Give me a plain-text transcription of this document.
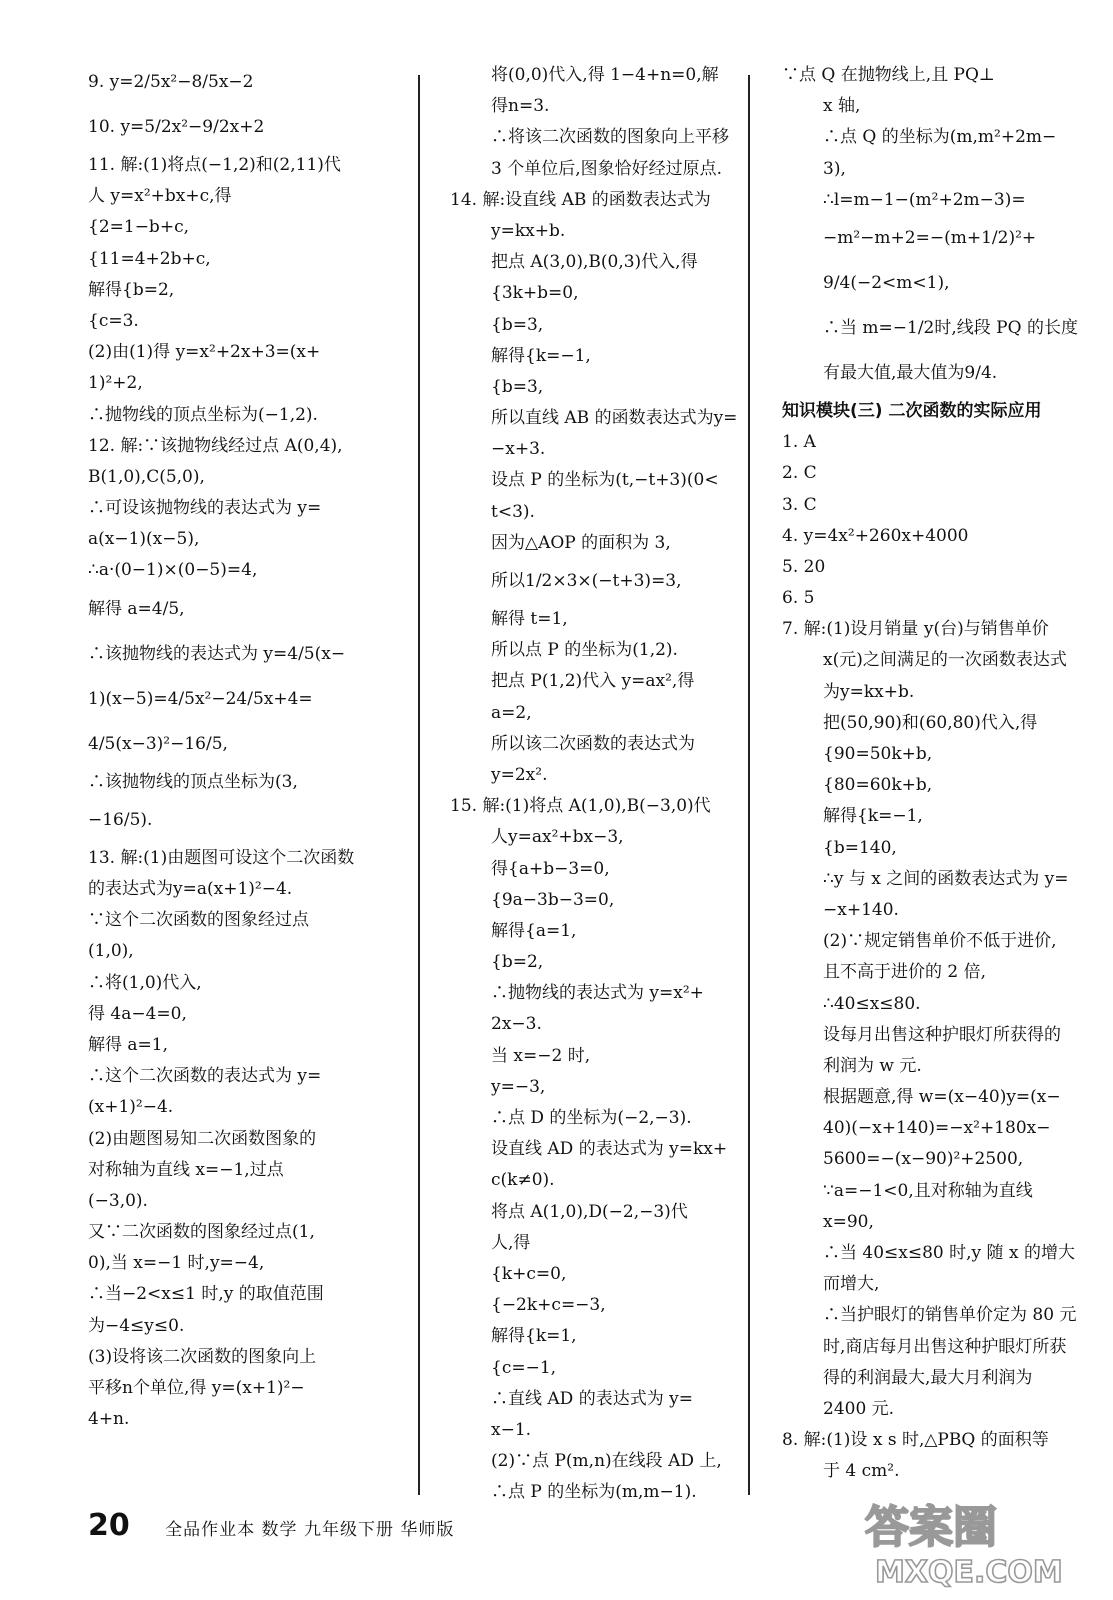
9. y=2/5x²−8/5x−2
10. y=5/2x²−9/2x+2
11. 解:(1)将点(−1,2)和(2,11)代
人 y=x²+bx+c,得
{2=1−b+c,
{11=4+2b+c,
解得{b=2,
{c=3.
(2)由(1)得 y=x²+2x+3=(x+
1)²+2,
∴抛物线的顶点坐标为(−1,2).
12. 解:∵该抛物线经过点 A(0,4),
B(1,0),C(5,0),
∴可设该抛物线的表达式为 y=
a(x−1)(x−5),
∴a·(0−1)×(0−5)=4,
解得 a=4/5,
∴该抛物线的表达式为 y=4/5(x−
1)(x−5)=4/5x²−24/5x+4=
4/5(x−3)²−16/5,
∴该抛物线的顶点坐标为(3,
−16/5).
13. 解:(1)由题图可设这个二次函数
的表达式为y=a(x+1)²−4.
∵这个二次函数的图象经过点
(1,0),
∴将(1,0)代入,
得 4a−4=0,
解得 a=1,
∴这个二次函数的表达式为 y=
(x+1)²−4.
(2)由题图易知二次函数图象的
对称轴为直线 x=−1,过点
(−3,0).
又∵二次函数的图象经过点(1,
0),当 x=−1 时,y=−4,
∴当−2<x≤1 时,y 的取值范围
为−4≤y≤0.
(3)设将该二次函数的图象向上
平移n个单位,得 y=(x+1)²−
4+n.
将(0,0)代入,得 1−4+n=0,解
得n=3.
∴将该二次函数的图象向上平移
3 个单位后,图象恰好经过原点.
14. 解:设直线 AB 的函数表达式为
y=kx+b.
把点 A(3,0),B(0,3)代入,得
{3k+b=0,
{b=3,
解得{k=−1,
{b=3,
所以直线 AB 的函数表达式为y=
−x+3.
设点 P 的坐标为(t,−t+3)(0<
t<3).
因为△AOP 的面积为 3,
所以1/2×3×(−t+3)=3,
解得 t=1,
所以点 P 的坐标为(1,2).
把点 P(1,2)代入 y=ax²,得
a=2,
所以该二次函数的表达式为
y=2x².
15. 解:(1)将点 A(1,0),B(−3,0)代
人y=ax²+bx−3,
得{a+b−3=0,
{9a−3b−3=0,
解得{a=1,
{b=2,
∴抛物线的表达式为 y=x²+
2x−3.
当 x=−2 时,
y=−3,
∴点 D 的坐标为(−2,−3).
设直线 AD 的表达式为 y=kx+
c(k≠0).
将点 A(1,0),D(−2,−3)代
人,得
{k+c=0,
{−2k+c=−3,
解得{k=1,
{c=−1,
∴直线 AD 的表达式为 y=
x−1.
(2)∵点 P(m,n)在线段 AD 上,
∴点 P 的坐标为(m,m−1).
∵点 Q 在抛物线上,且 PQ⊥
x 轴,
∴点 Q 的坐标为(m,m²+2m−
3),
∴l=m−1−(m²+2m−3)=
−m²−m+2=−(m+1/2)²+
9/4(−2<m<1),
∴当 m=−1/2时,线段 PQ 的长度
有最大值,最大值为9/4.
知识模块(三) 二次函数的实际应用
1. A
2. C
3. C
4. y=4x²+260x+4000
5. 20
6. 5
7. 解:(1)设月销量 y(台)与销售单价
x(元)之间满足的一次函数表达式
为y=kx+b.
把(50,90)和(60,80)代入,得
{90=50k+b,
{80=60k+b,
解得{k=−1,
{b=140,
∴y 与 x 之间的函数表达式为 y=
−x+140.
(2)∵规定销售单价不低于进价,
且不高于进价的 2 倍,
∴40≤x≤80.
设每月出售这种护眼灯所获得的
利润为 w 元.
根据题意,得 w=(x−40)y=(x−
40)(−x+140)=−x²+180x−
5600=−(x−90)²+2500,
∵a=−1<0,且对称轴为直线
x=90,
∴当 40≤x≤80 时,y 随 x 的增大
而增大,
∴当护眼灯的销售单价定为 80 元
时,商店每月出售这种护眼灯所获
得的利润最大,最大月利润为
2400 元.
8. 解:(1)设 x s 时,△PBQ 的面积等
于 4 cm².
20 全品作业本 数学 九年级下册 华师版	答案圈
MXQE.COM
